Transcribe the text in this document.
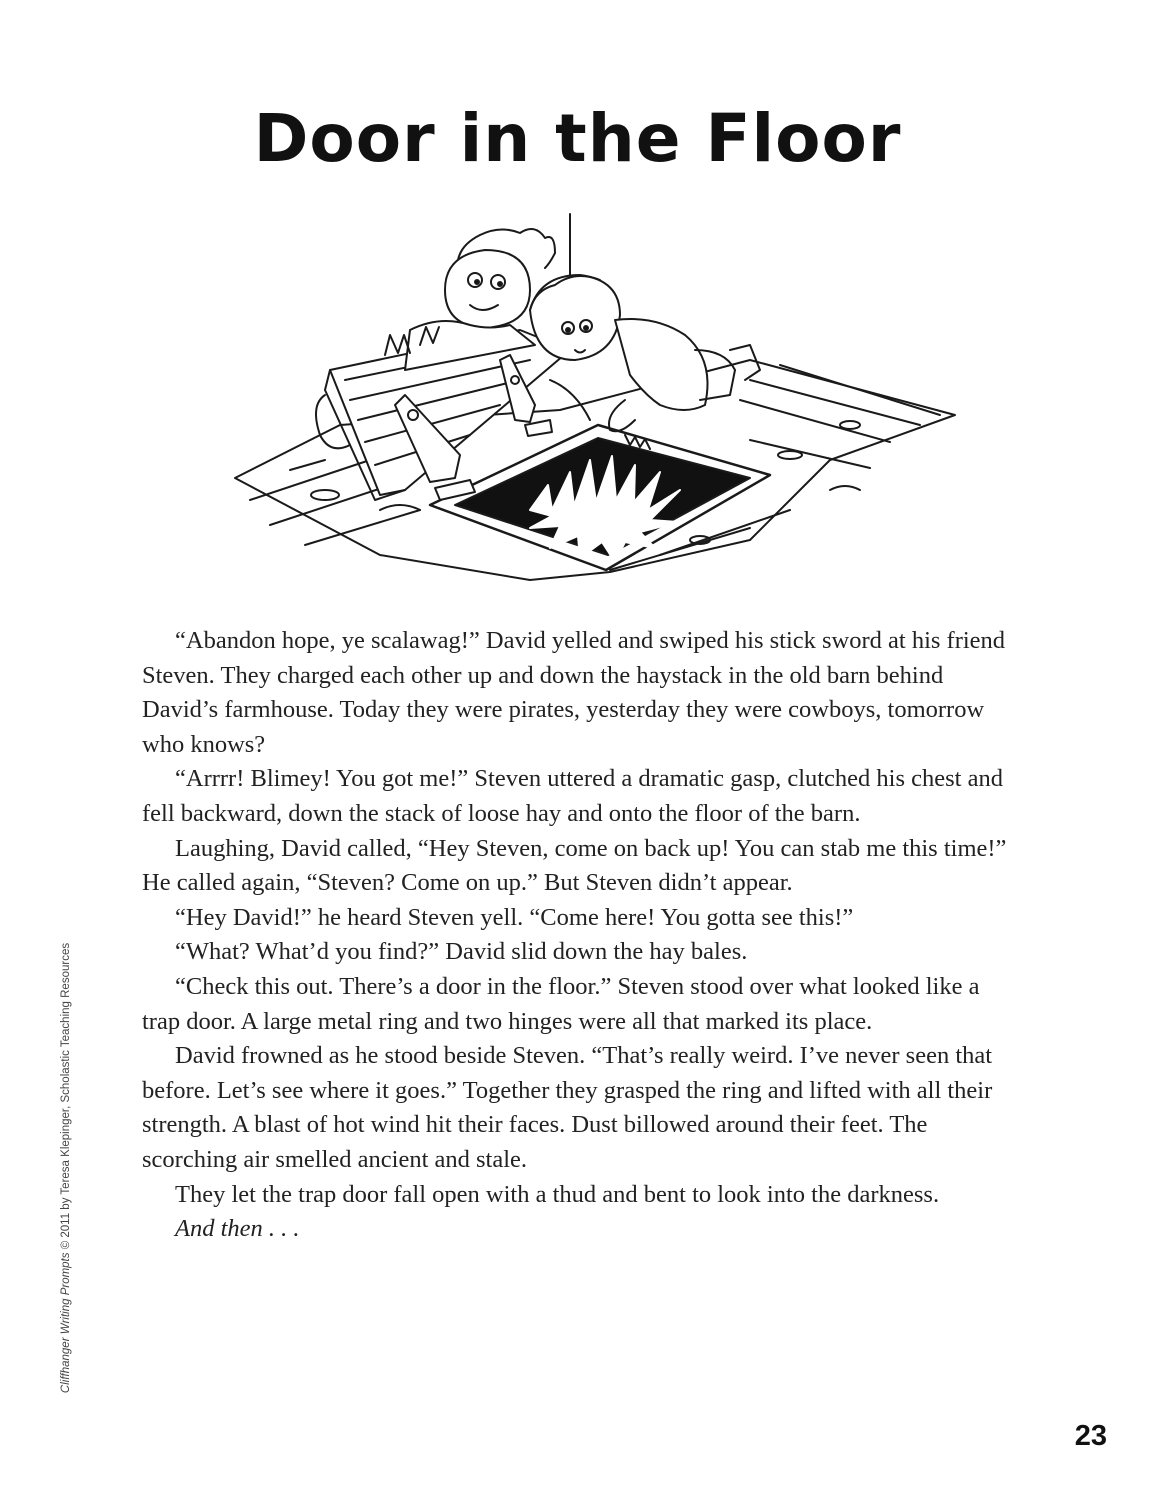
Door in the Floor

“Abandon hope, ye scalawag!” David yelled and swiped his stick sword at his friend Steven. They charged each other up and down the haystack in the old barn behind David’s farmhouse. Today they were pirates, yesterday they were cowboys, tomorrow who knows?

“Arrrr! Blimey! You got me!” Steven uttered a dramatic gasp, clutched his chest and fell backward, down the stack of loose hay and onto the floor of the barn.

Laughing, David called, “Hey Steven, come on back up! You can stab me this time!” He called again, “Steven? Come on up.” But Steven didn’t appear.

“Hey David!” he heard Steven yell. “Come here! You gotta see this!”

“What? What’d you find?” David slid down the hay bales.

“Check this out. There’s a door in the floor.” Steven stood over what looked like a trap door. A large metal ring and two hinges were all that marked its place.

David frowned as he stood beside Steven. “That’s really weird. I’ve never seen that before. Let’s see where it goes.” Together they grasped the ring and lifted with all their strength. A blast of hot wind hit their faces. Dust billowed around their feet. The scorching air smelled ancient and stale.

They let the trap door fall open with a thud and bent to look into the darkness.

And then . . .

Cliffhanger Writing Prompts © 2011 by Teresa Klepinger, Scholastic Teaching Resources
23
